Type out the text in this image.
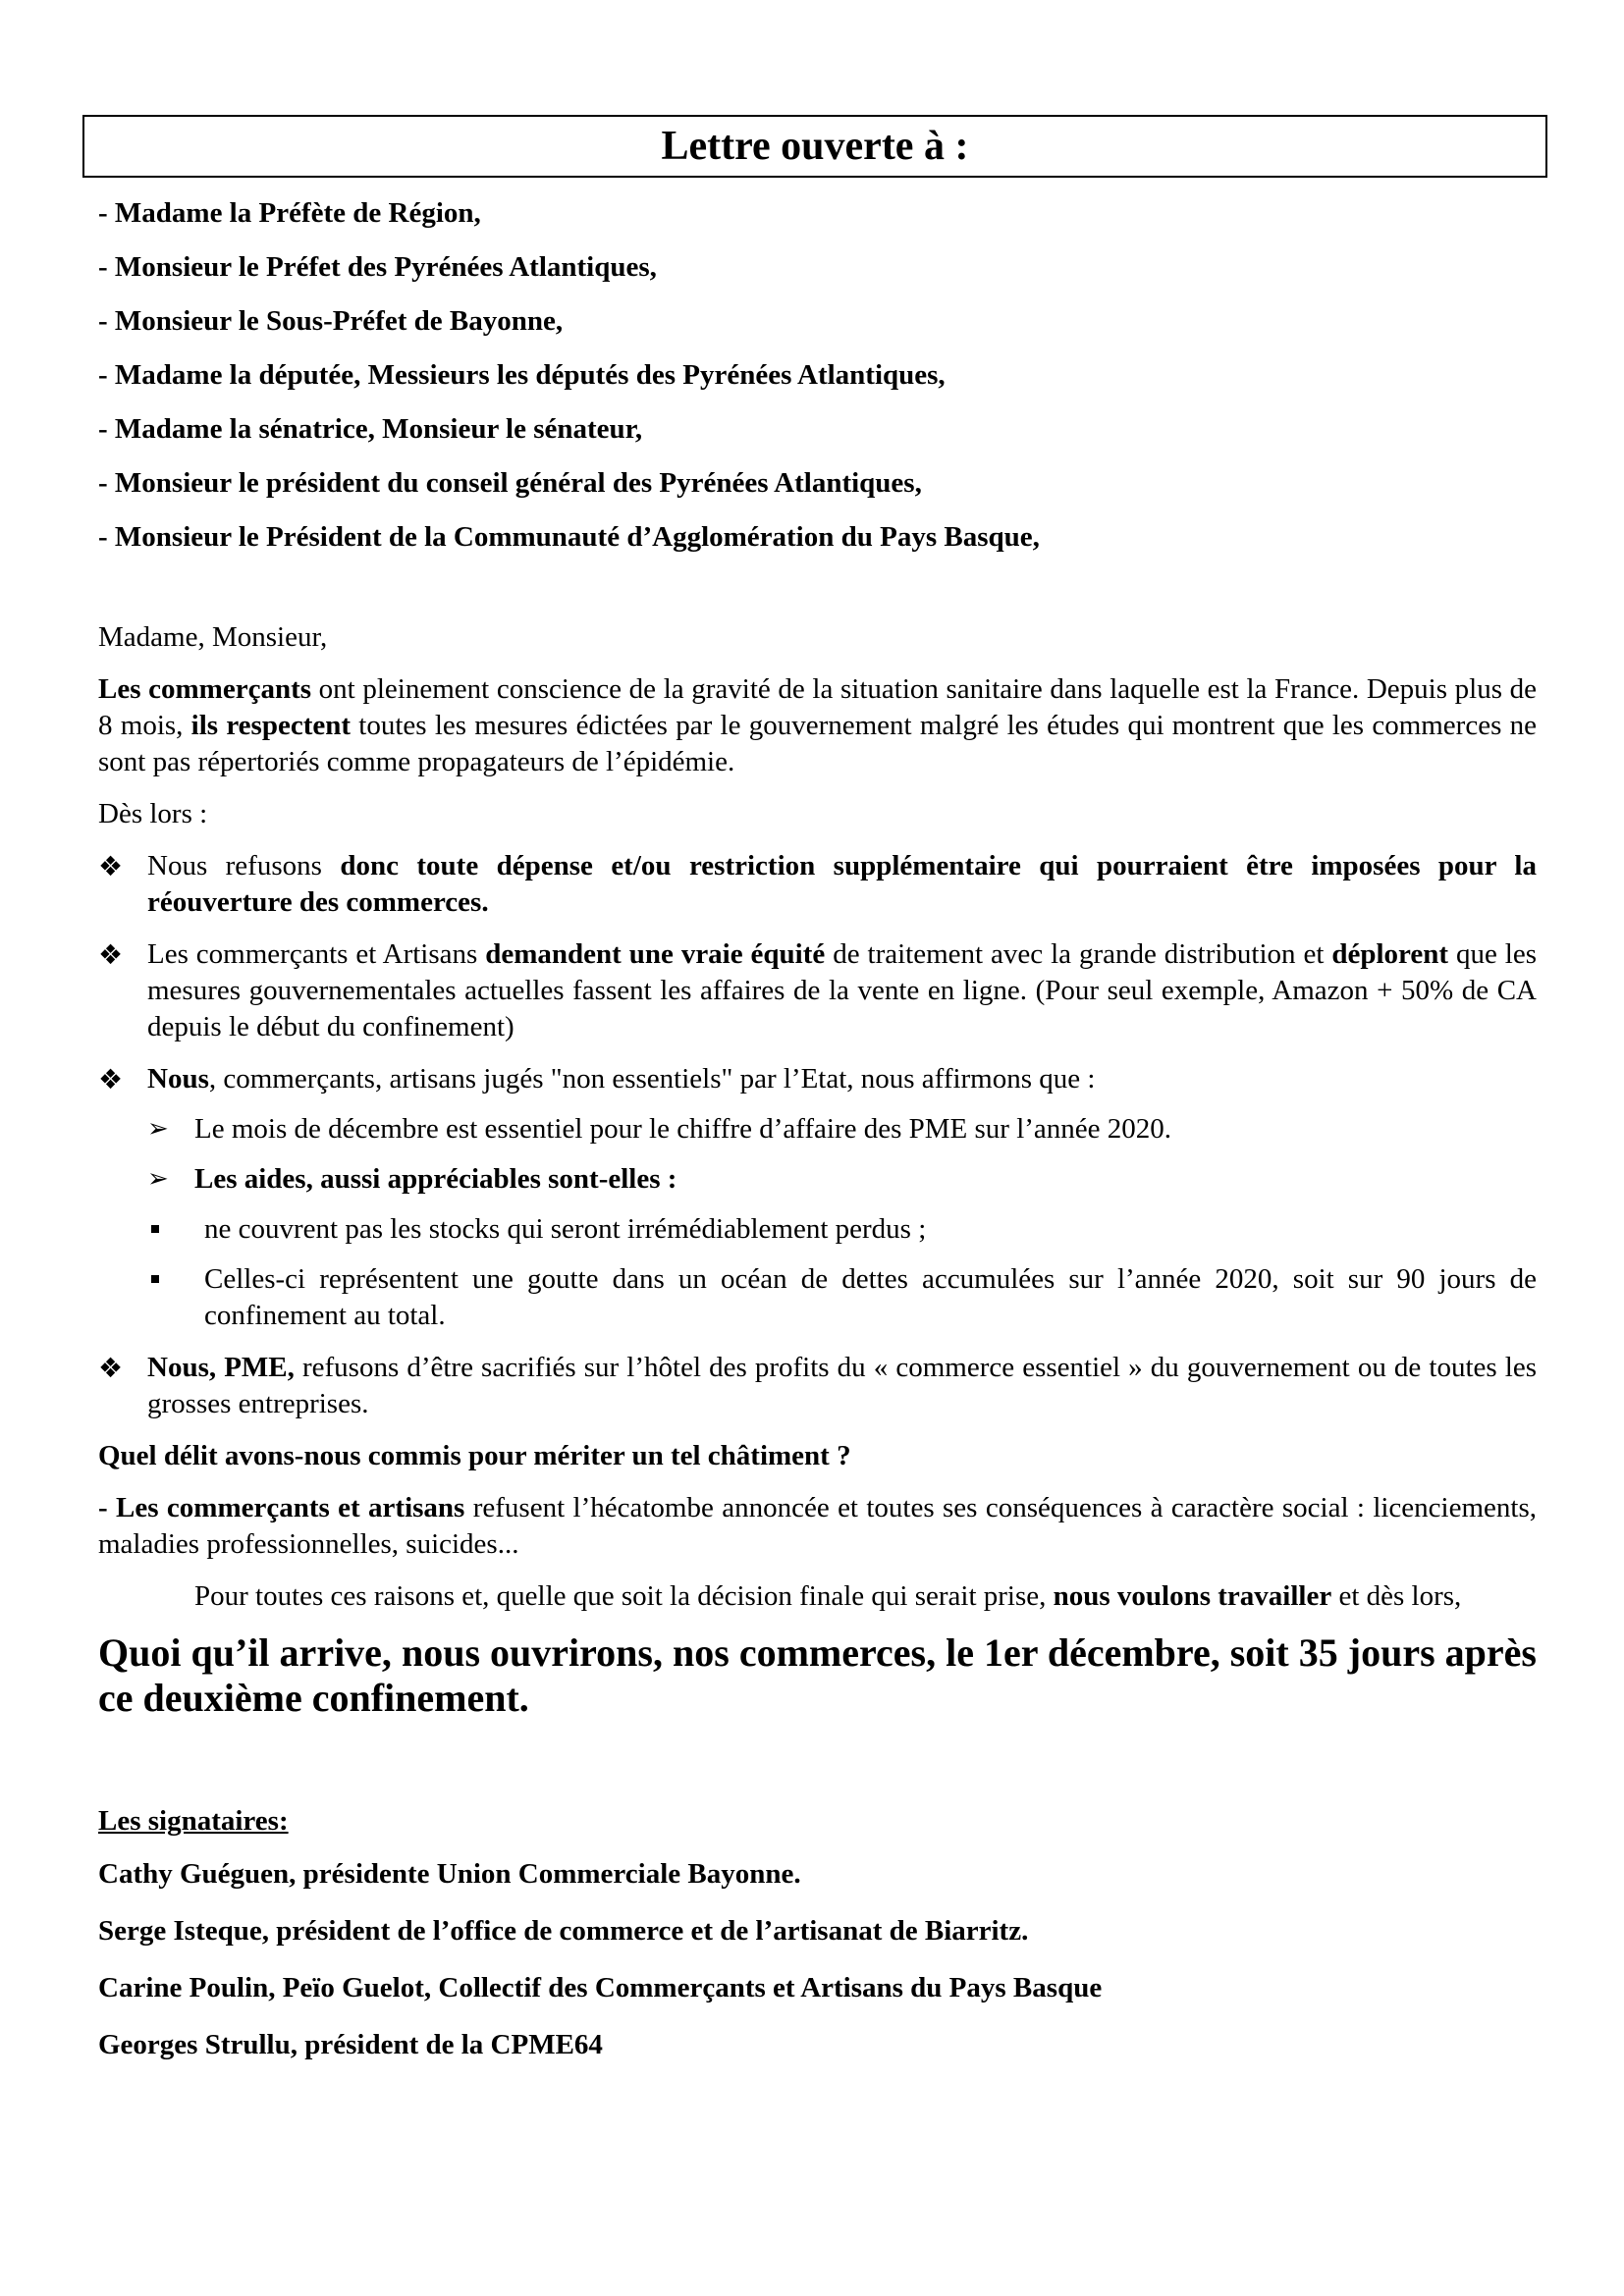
Lettre ouverte à :
- Madame la Préfète de Région,
- Monsieur le Préfet des Pyrénées Atlantiques,
- Monsieur le Sous-Préfet de Bayonne,
- Madame la députée, Messieurs les députés des Pyrénées Atlantiques,
- Madame la sénatrice, Monsieur le sénateur,
- Monsieur le président du conseil général des Pyrénées Atlantiques,
- Monsieur le Président de la Communauté d’Agglomération du Pays Basque,

Madame, Monsieur,

Les commerçants ont pleinement conscience de la gravité de la situation sanitaire dans laquelle est la France. Depuis plus de 8 mois, ils respectent toutes les mesures édictées par le gouvernement malgré les études qui montrent que les commerces ne sont pas répertoriés comme propagateurs de l’épidémie.

Dès lors :

❖ Nous refusons donc toute dépense et/ou restriction supplémentaire qui pourraient être imposées pour la réouverture des commerces.
❖ Les commerçants et Artisans demandent une vraie équité de traitement avec la grande distribution et déplorent que les mesures gouvernementales actuelles fassent les affaires de la vente en ligne. (Pour seul exemple, Amazon + 50% de CA depuis le début du confinement)
❖ Nous, commerçants, artisans jugés "non essentiels" par l’Etat, nous affirmons que :
➢ Le mois de décembre est essentiel pour le chiffre d’affaire des PME sur l’année 2020.
➢ Les aides, aussi appréciables sont-elles :
ne couvrent pas les stocks qui seront irrémédiablement perdus ;
Celles-ci représentent une goutte dans un océan de dettes accumulées sur l’année 2020, soit sur 90 jours de confinement au total.
❖ Nous, PME, refusons d’être sacrifiés sur l’hôtel des profits du « commerce essentiel » du gouvernement ou de toutes les grosses entreprises.

Quel délit avons-nous commis pour mériter un tel châtiment ?

- Les commerçants et artisans refusent l’hécatombe annoncée et toutes ses conséquences à caractère social : licenciements, maladies professionnelles, suicides...

Pour toutes ces raisons et, quelle que soit la décision finale qui serait prise, nous voulons travailler et dès lors,

Quoi qu’il arrive, nous ouvrirons, nos commerces, le 1er décembre, soit 35 jours après ce deuxième confinement.

Les signataires:

Cathy Guéguen, présidente Union Commerciale Bayonne.
Serge Isteque, président de l’office de commerce et de l’artisanat de Biarritz.
Carine Poulin, Peïo Guelot, Collectif des Commerçants et Artisans du Pays Basque
Georges Strullu, président de la CPME64
